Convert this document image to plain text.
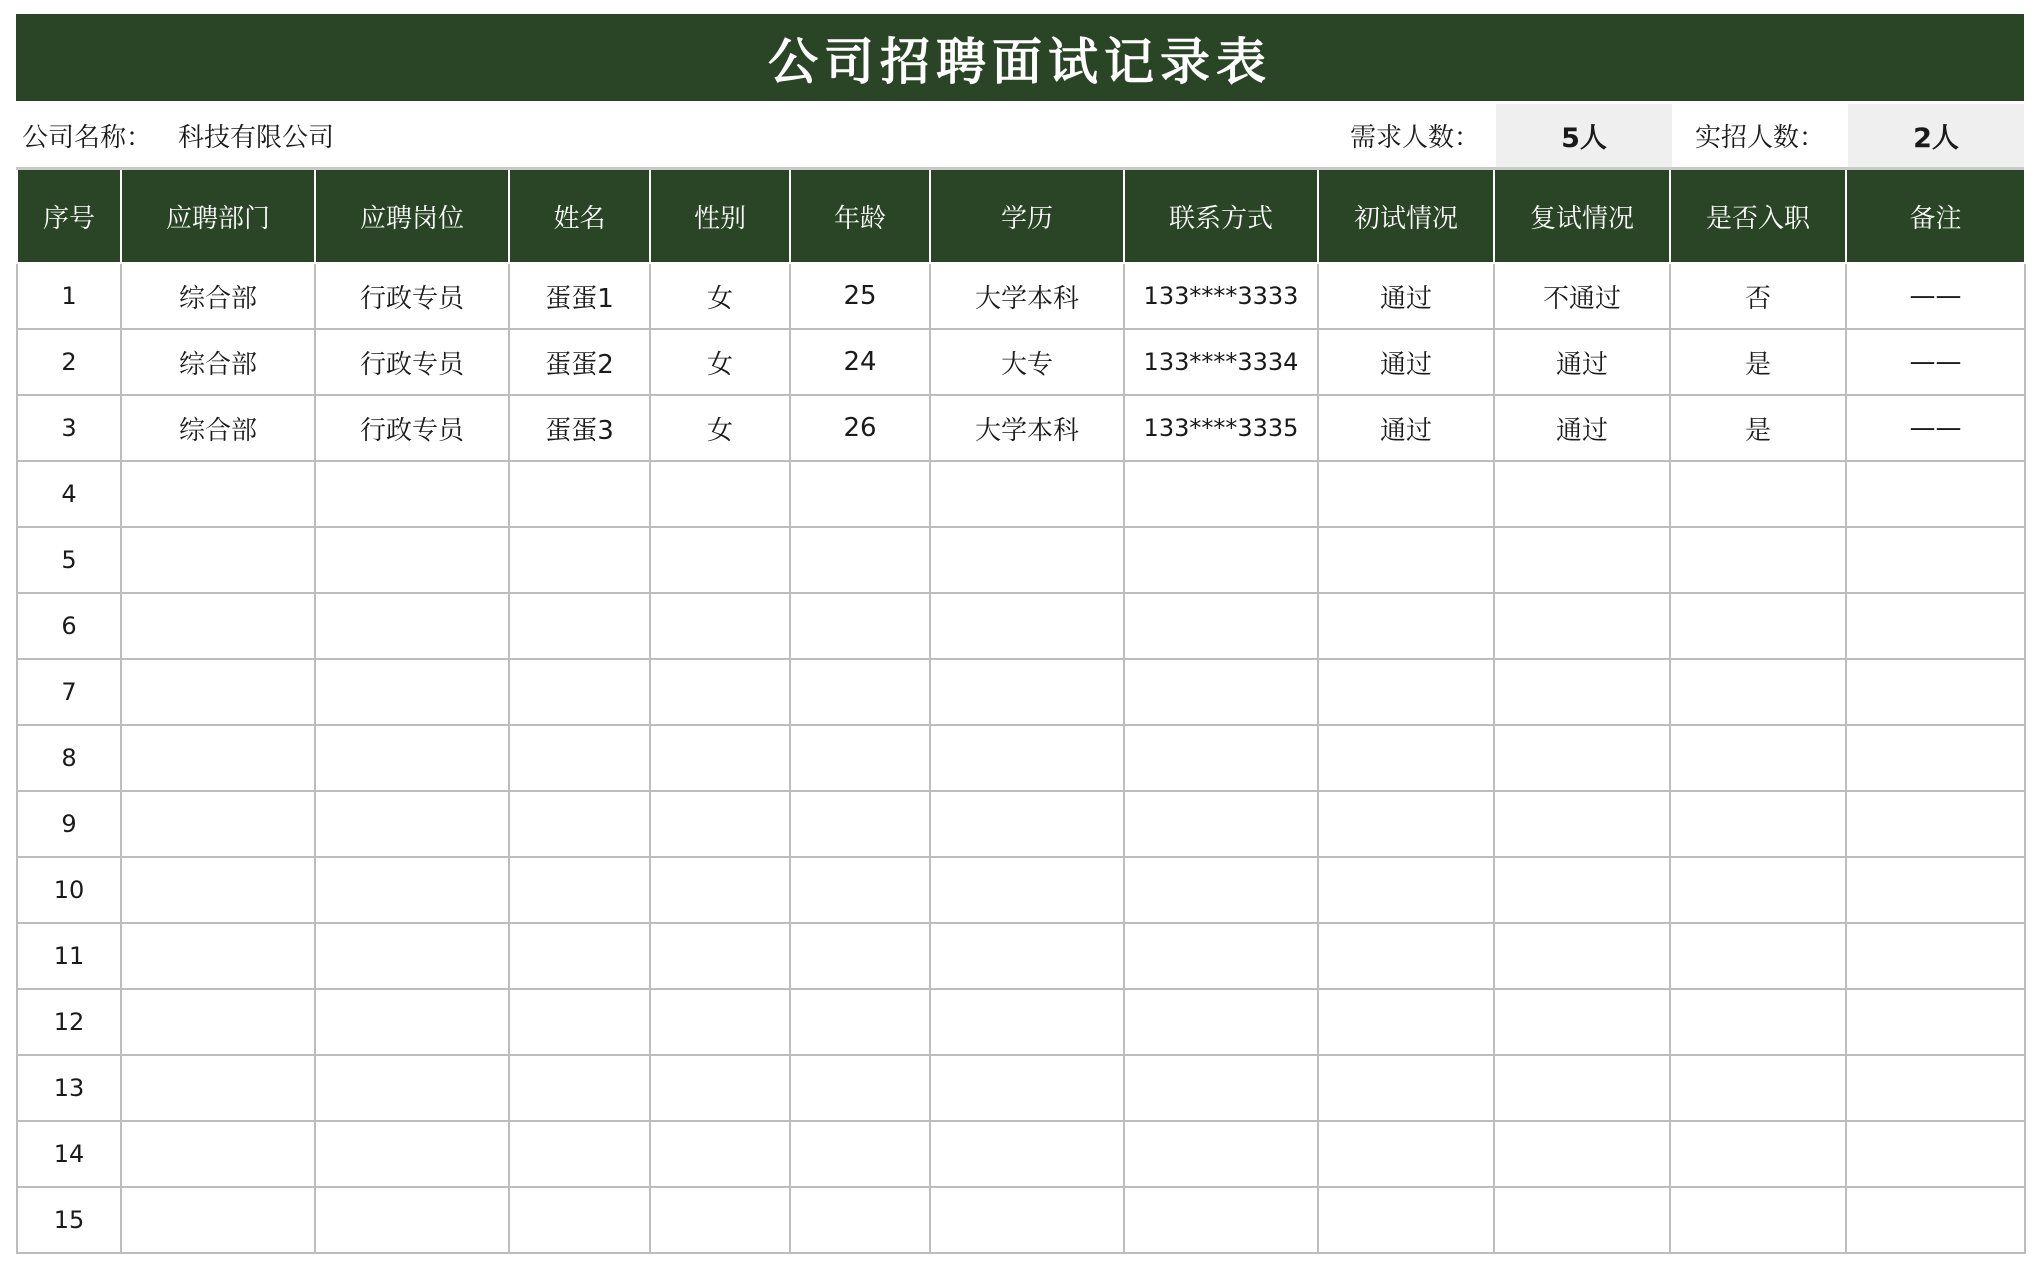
公司招聘面试记录表
公司名称： 科技有限公司	需求人数：	5人	实招人数：	2人
序号	应聘部门	应聘岗位	姓名	性别	年龄	学历	联系方式	初试情况	复试情况	是否入职	备注
1	综合部	行政专员	蛋蛋1	女	25	大学本科	133****3333	通过	不通过	否	——
2	综合部	行政专员	蛋蛋2	女	24	大专	133****3334	通过	通过	是	——
3	综合部	行政专员	蛋蛋3	女	26	大学本科	133****3335	通过	通过	是	——
4											
5											
6											
7											
8											
9											
10											
11											
12											
13											
14											
15											
